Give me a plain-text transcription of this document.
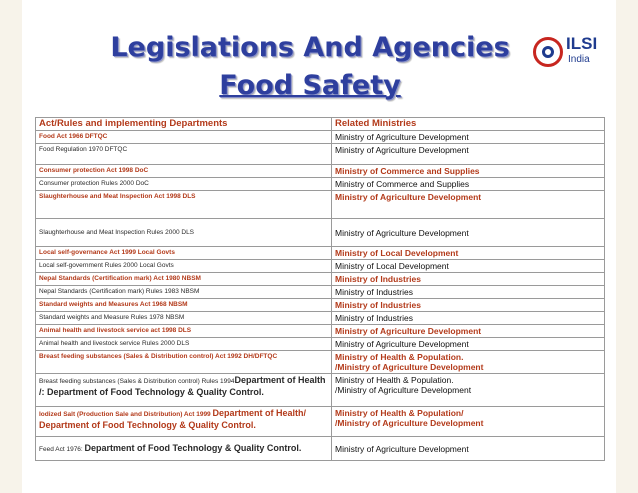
Legislations And Agencies
Food Safety
ILSI
India
Act/Rules and implementing Departments	Related Ministries
Food Act 1966 DFTQC	Ministry of Agriculture Development
Food Regulation 1970 DFTQC	Ministry of Agriculture Development
Consumer protection Act 1998 DoC	Ministry of Commerce and Supplies
Consumer protection Rules 2000 DoC	Ministry of Commerce and Supplies
Slaughterhouse and Meat Inspection Act 1998 DLS	Ministry of Agriculture Development
Slaughterhouse and Meat Inspection Rules 2000 DLS	Ministry of Agriculture Development
Local self-governance Act 1999 Local Govts	Ministry of Local Development
Local self-government Rules 2000 Local Govts	Ministry of Local Development
Nepal Standards (Certification mark) Act 1980 NBSM	Ministry of Industries
Nepal Standards (Certification mark) Rules 1983 NBSM	Ministry of Industries
Standard weights and Measures Act 1968 NBSM	Ministry of Industries
Standard weights and Measure Rules 1978 NBSM	Ministry of Industries
Animal health and livestock service act 1998 DLS	Ministry of Agriculture Development
Animal health and livestock service Rules 2000 DLS	Ministry of Agriculture Development
Breast feeding substances (Sales & Distribution control) Act 1992 DH/DFTQC	Ministry of Health & Population.
/Ministry of Agriculture Development

Breast feeding substances (Sales & Distribution control) Rules 1994Department of Health /: Department of Food Technology & Quality Control.	Ministry of Health & Population.
/Ministry of Agriculture Development

Iodized Salt (Production Sale and Distribution) Act 1999 Department of Health/ Department of Food Technology & Quality Control.	Ministry of Health & Population/
/Ministry of Agriculture Development

Feed Act 1976: Department of Food Technology & Quality Control.	Ministry of Agriculture Development
